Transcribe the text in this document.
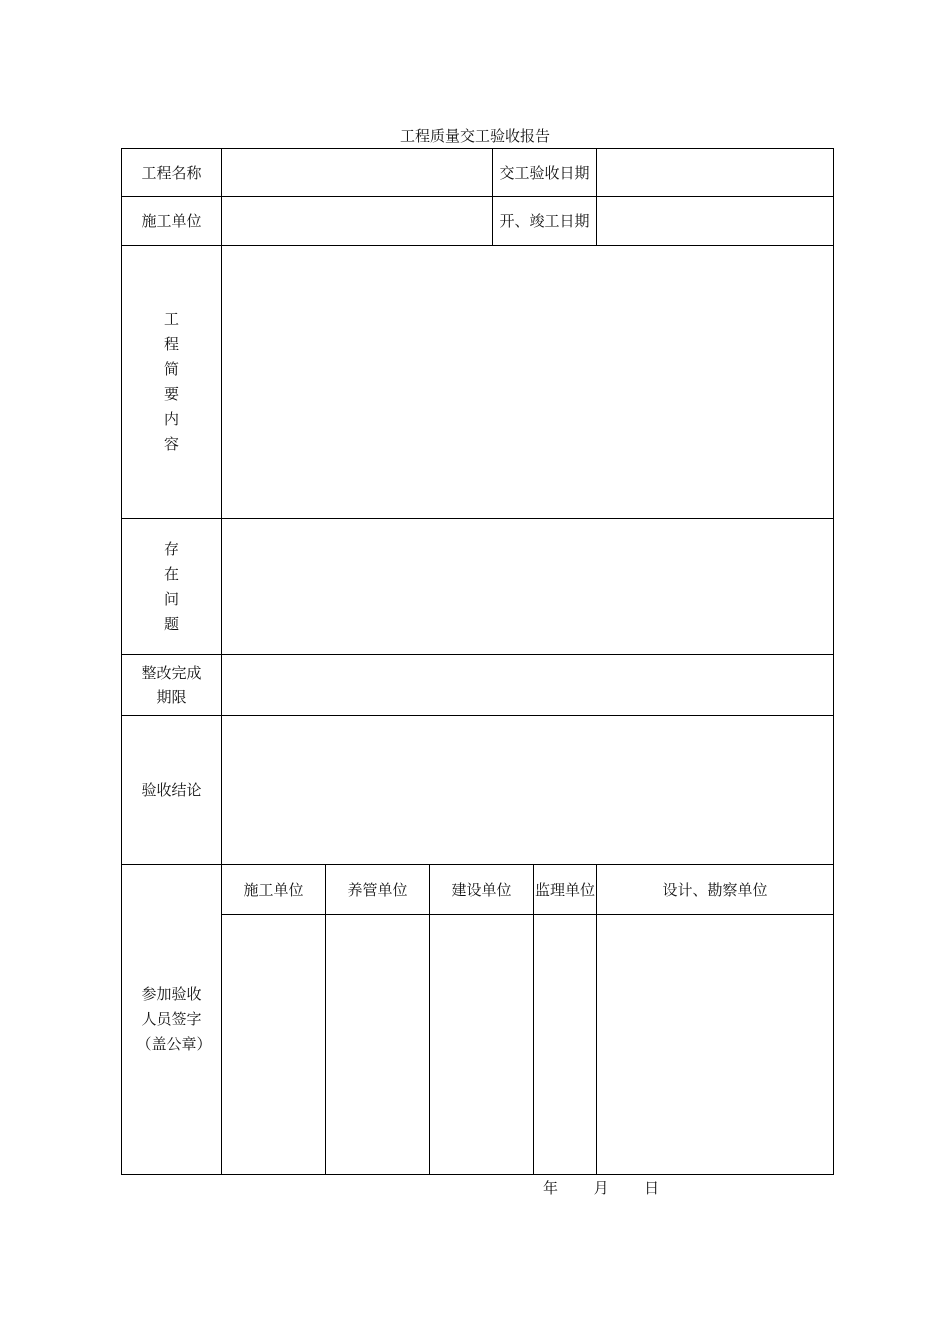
工程质量交工验收报告
工程名称				交工验收日期		
施工单位				开、竣工日期		
工程简要内容						
存在问题						
整改完成期限						
验收结论						
参加验收人员签字（盖公章）	施工单位	养管单位	建设单位		监理单位	设计、勘察单位

年 月 日
